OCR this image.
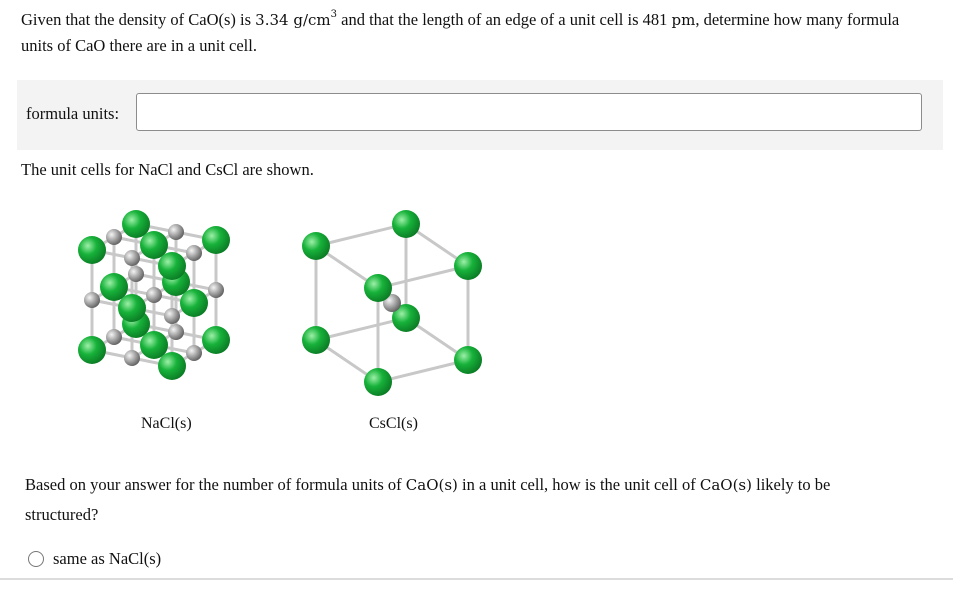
Given that the density of CaO(s) is 3.34 $g/cm^3$ and that the length of an edge of a unit cell is 481 pm, determine how many formula units of CaO there are in a unit cell.
formula units:
The unit cells for NaCl and CsCl are shown.
NaCl(s)	CsCl(s)
Based on your answer for the number of formula units of CaO(s) in a unit cell, how is the unit cell of CaO(s) likely to be structured?
same as NaCl(s)
